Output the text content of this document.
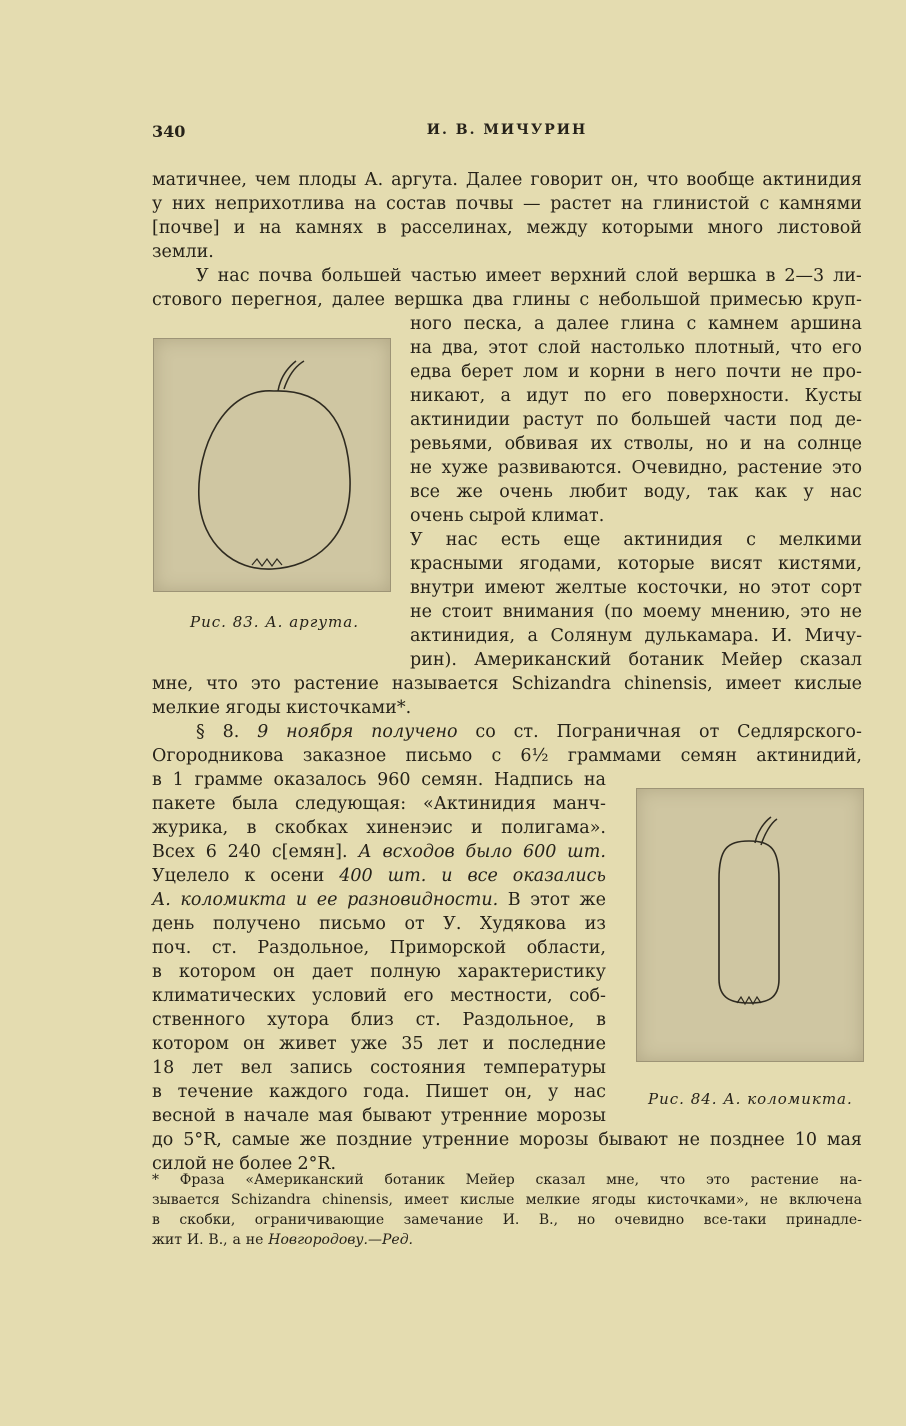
340	И. В. МИЧУРИН
матичнее, чем плоды А. аргута. Далее говорит он, что вообще актинидия
у них неприхотлива на состав почвы — растет на глинистой с камнями
[почве] и на камнях в расселинах, между которыми много листовой
земли.
У нас почва большей частью имеет верхний слой вершка в 2—3 ли-
стового перегноя, далее вершка два глины с небольшой примесью круп-
ного песка, а далее глина с камнем аршина
на два, этот слой настолько плотный, что его
едва берет лом и корни в него почти не про-
никают, а идут по его поверхности. Кусты
актинидии растут по большей части под де-
ревьями, обвивая их стволы, но и на солнце
не хуже развиваются. Очевидно, растение это
все же очень любит воду, так как у нас
очень сырой климат.
У нас есть еще актинидия с мелкими
красными ягодами, которые висят кистями,
внутри имеют желтые косточки, но этот сорт
не стоит внимания (по моему мнению, это не
актинидия, а Солянум дулькамара. И. Мичу-
рин). Американский ботаник Мейер сказал
мне, что это растение называется Schizandra chinensis, имеет кислые
мелкие ягоды кисточками*.
§ 8. 9 ноября получено со ст. Пограничная от Седлярского-
Огородникова заказное письмо с 6½ граммами семян актинидий,
в 1 грамме оказалось 960 семян. Надпись на
пакете была следующая: «Актинидия манч-
журика, в скобках хиненэис и полигама».
Всех 6 240 с[емян]. А всходов было 600 шт.
Уцелело к осени 400 шт. и все оказались
А. коломикта и ее разновидности. В этот же
день получено письмо от У. Худякова из
поч. ст. Раздольное, Приморской области,
в котором он дает полную характеристику
климатических условий его местности, соб-
ственного хутора близ ст. Раздольное, в
котором он живет уже 35 лет и последние
18 лет вел запись состояния температуры
в течение каждого года. Пишет он, у нас
весной в начале мая бывают утренние морозы
до 5°R, самые же поздние утренние морозы бывают не позднее 10 мая
силой не более 2°R.
Рис. 83. А. аргута.
Рис. 84. А. коломикта.
* Фраза «Американский ботаник Мейер сказал мне, что это растение на-
зывается Schizandra chinensis, имеет кислые мелкие ягоды кисточками», не включена
в скобки, ограничивающие замечание И. В., но очевидно все-таки принадле-
жит И. В., а не Новгородову.—Ред.
